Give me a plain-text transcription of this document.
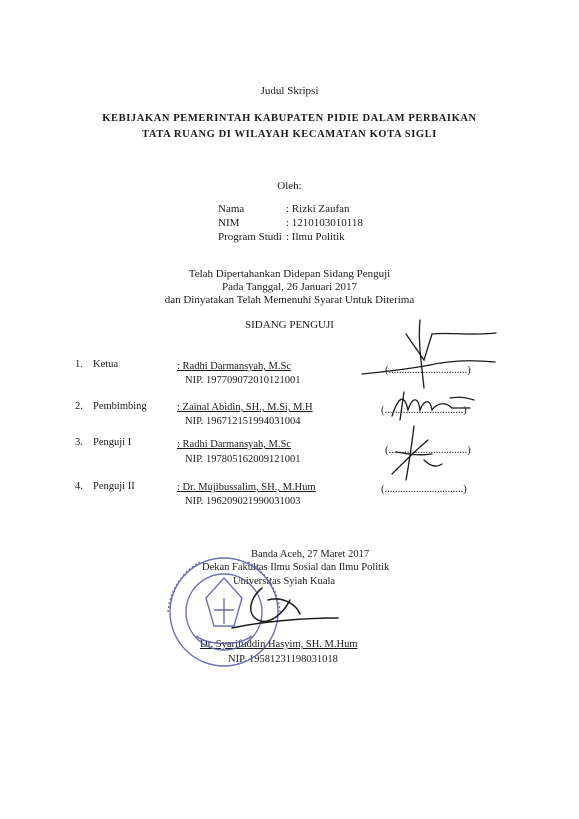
Judul Skripsi
KEBIJAKAN PEMERINTAH KABUPATEN PIDIE DALAM PERBAIKAN
TATA RUANG DI WILAYAH KECAMATAN KOTA SIGLI
Oleh:
Nama	: Rizki Zaufan
NIM	: 1210103010118
Program Studi : Ilmu Politik
Telah Dipertahankan Didepan Sidang Penguji
Pada Tanggal, 26 Januari 2017
dan Dinyatakan Telah Memenuhi Syarat Untuk Diterima
SIDANG PENGUJI
1. Ketua	: Radhi Darmansyah, M.Sc
NIP. 197709072010121001
(..............................)
2. Pembimbing	: Zainal Abidin, SH., M.Si, M.H
NIP. 196712151994031004
(..............................)
3. Penguji I	: Radhi Darmansyah, M.Sc
NIP. 197805162009121001
(..............................)
4. Penguji II	: Dr. Mujibussalim, SH., M.Hum
NIP. 196209021990031003
(..............................)
Banda Aceh, 27 Maret 2017
Dekan Fakultas Ilmu Sosial dan Ilmu Politik
Universitas Syiah Kuala
Dr. Syarifuddin Hasyim, SH. M.Hum
NIP. 19581231198031018
